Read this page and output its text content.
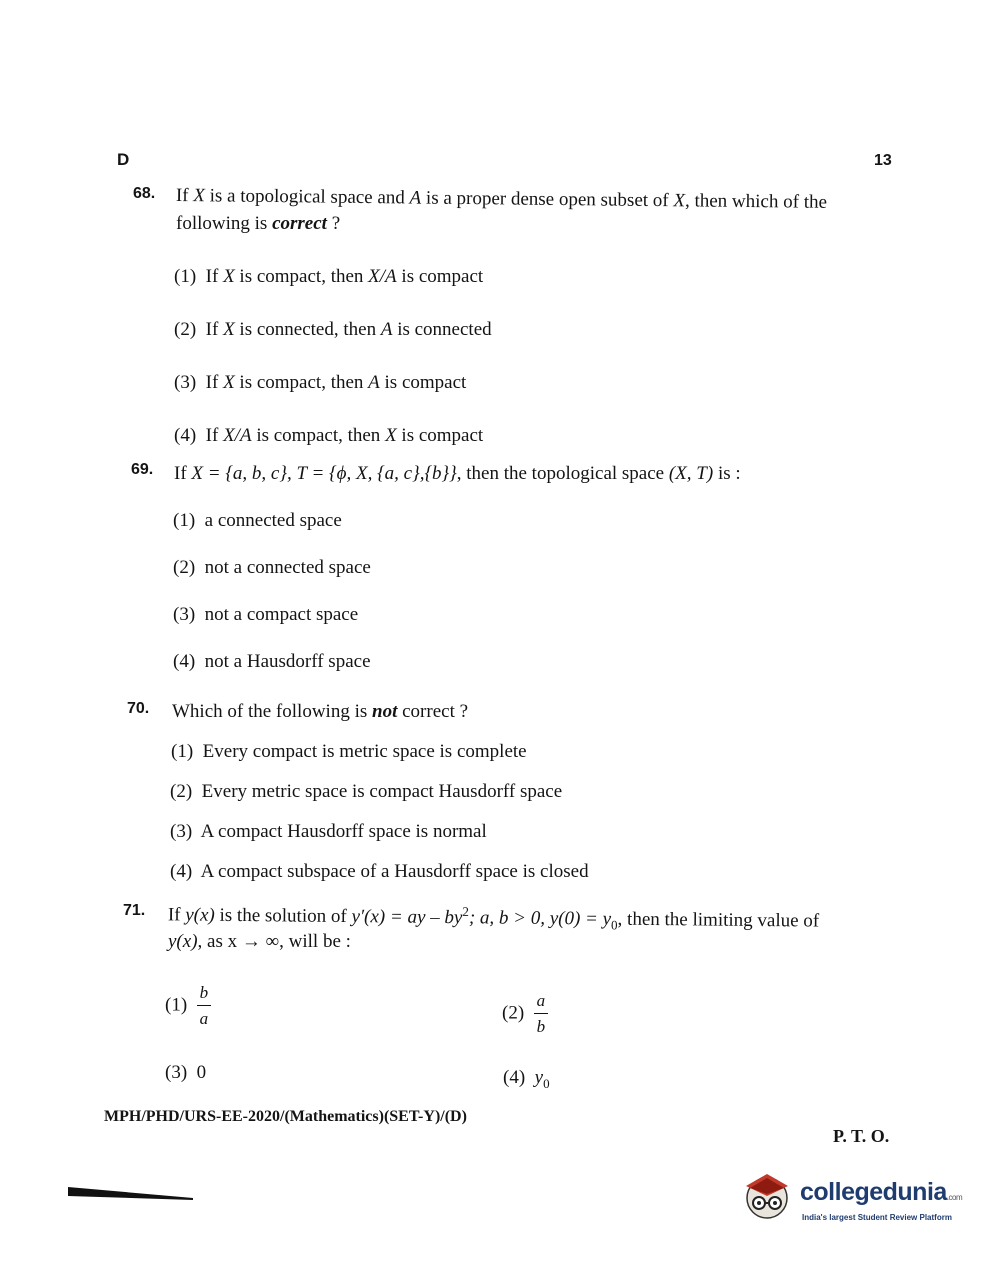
D	13
68. If X is a topological space and A is a proper dense open subset of X, then which of the
following is correct ?
(1) If X is compact, then X/A is compact
(2) If X is connected, then A is connected
(3) If X is compact, then A is compact
(4) If X/A is compact, then X is compact
69. If X = {a, b, c}, T = {ϕ, X, {a, c},{b}}, then the topological space (X, T) is :
(1) a connected space
(2) not a connected space
(3) not a compact space
(4) not a Hausdorff space
70. Which of the following is not correct ?
(1) Every compact is metric space is complete
(2) Every metric space is compact Hausdorff space
(3) A compact Hausdorff space is normal
(4) A compact subspace of a Hausdorff space is closed
71. If y(x) is the solution of y′(x) = ay – $by^2$; a, b > 0, $y(0) = y_0$, then the limiting value of
y(x), as x → ∞, will be :
$(1) \frac{b}{a}$	$(2) \frac{a}{b}$
(3) 0	(4) $y_0$
MPH/PHD/URS-EE-2020/(Mathematics)(SET-Y)/(D)
P. T. O.
collegedunia.com
India's largest Student Review Platform
